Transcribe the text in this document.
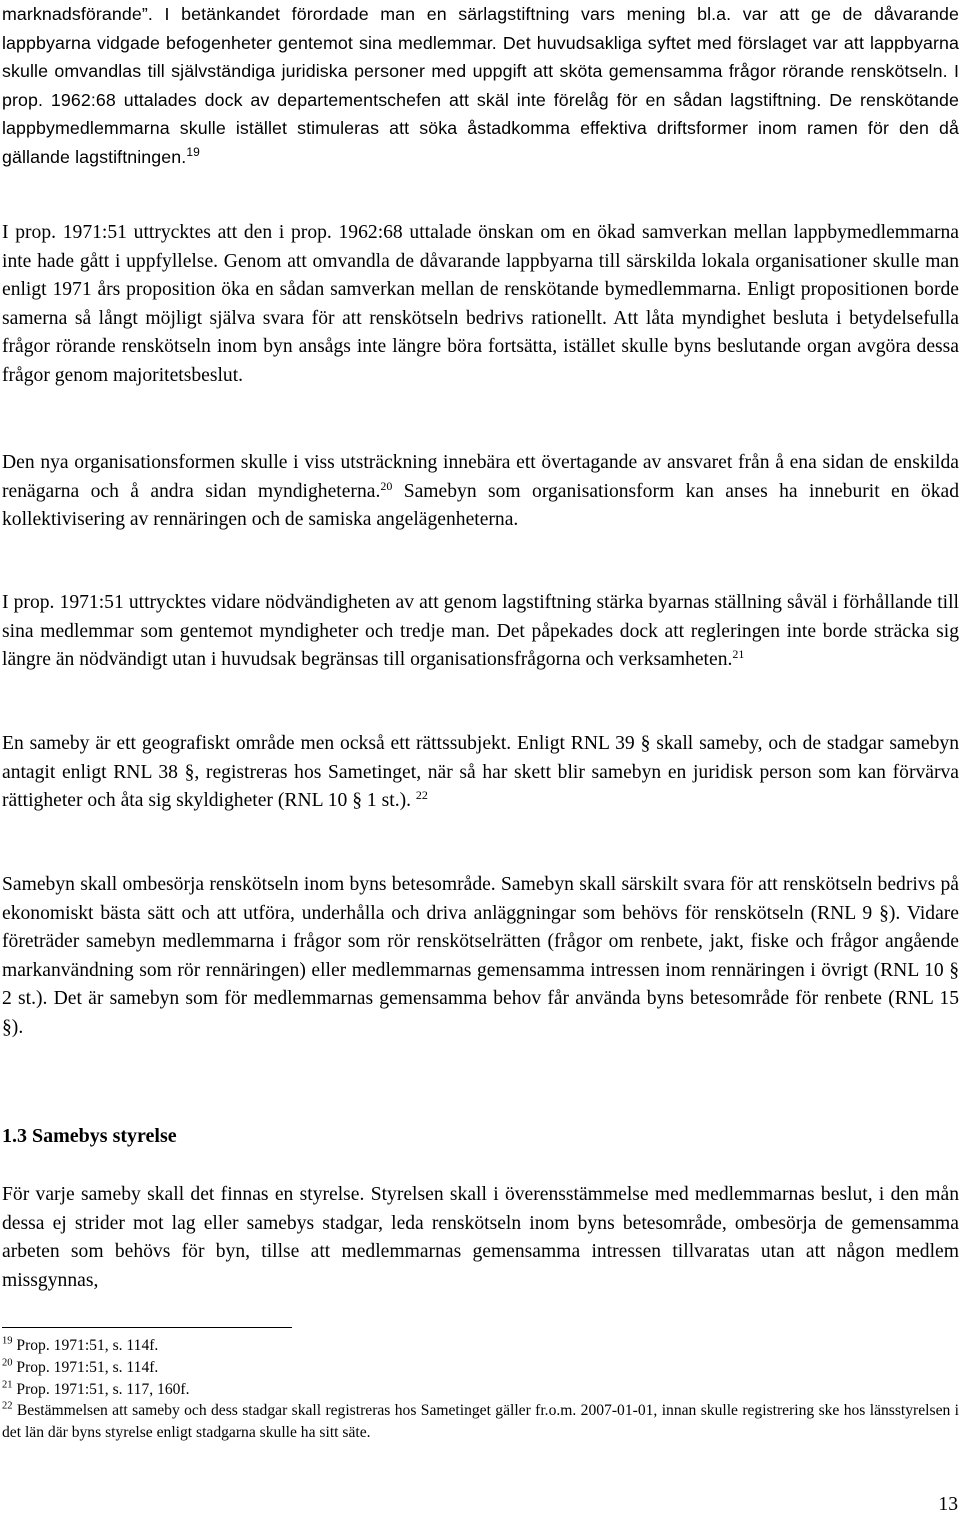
marknadsförande”. I betänkandet förordade man en särlagstiftning vars mening bl.a. var att ge de dåvarande lappbyarna vidgade befogenheter gentemot sina medlemmar. Det huvudsakliga syftet med förslaget var att lappbyarna skulle omvandlas till självständiga juridiska personer med uppgift att sköta gemensamma frågor rörande renskötseln. I prop. 1962:68 uttalades dock av departementschefen att skäl inte förelåg för en sådan lagstiftning. De renskötande lappbymedlemmarna skulle istället stimuleras att söka åstadkomma effektiva driftsformer inom ramen för den då gällande lagstiftningen.$^{19}$

I prop. 1971:51 uttrycktes att den i prop. 1962:68 uttalade önskan om en ökad samverkan mellan lappbymedlemmarna inte hade gått i uppfyllelse. Genom att omvandla de dåvarande lappbyarna till särskilda lokala organisationer skulle man enligt 1971 års proposition öka en sådan samverkan mellan de renskötande bymedlemmarna. Enligt propositionen borde samerna så långt möjligt själva svara för att renskötseln bedrivs rationellt. Att låta myndighet besluta i betydelsefulla frågor rörande renskötseln inom byn ansågs inte längre böra fortsätta, istället skulle byns beslutande organ avgöra dessa frågor genom majoritetsbeslut.

Den nya organisationsformen skulle i viss utsträckning innebära ett övertagande av ansvaret från å ena sidan de enskilda renägarna och å andra sidan myndigheterna.$^{20}$ Samebyn som organisationsform kan anses ha inneburit en ökad kollektivisering av rennäringen och de samiska angelägenheterna.

I prop. 1971:51 uttrycktes vidare nödvändigheten av att genom lagstiftning stärka byarnas ställning såväl i förhållande till sina medlemmar som gentemot myndigheter och tredje man. Det påpekades dock att regleringen inte borde sträcka sig längre än nödvändigt utan i huvudsak begränsas till organisationsfrågorna och verksamheten.$^{21}$

En sameby är ett geografiskt område men också ett rättssubjekt. Enligt RNL 39 § skall sameby, och de stadgar samebyn antagit enligt RNL 38 §, registreras hos Sametinget, när så har skett blir samebyn en juridisk person som kan förvärva rättigheter och åta sig skyldigheter (RNL 10 § 1 st.). $^{22}$

Samebyn skall ombesörja renskötseln inom byns betesområde. Samebyn skall särskilt svara för att renskötseln bedrivs på ekonomiskt bästa sätt och att utföra, underhålla och driva anläggningar som behövs för renskötseln (RNL 9 §). Vidare företräder samebyn medlemmarna i frågor som rör renskötselrätten (frågor om renbete, jakt, fiske och frågor angående markanvändning som rör rennäringen) eller medlemmarnas gemensamma intressen inom rennäringen i övrigt (RNL 10 § 2 st.). Det är samebyn som för medlemmarnas gemensamma behov får använda byns betesområde för renbete (RNL 15 §).

1.3 Samebys styrelse

För varje sameby skall det finnas en styrelse. Styrelsen skall i överensstämmelse med medlemmarnas beslut, i den mån dessa ej strider mot lag eller samebys stadgar, leda renskötseln inom byns betesområde, ombesörja de gemensamma arbeten som behövs för byn, tillse att medlemmarnas gemensamma intressen tillvaratas utan att någon medlem missgynnas,

$^{19}$ Prop. 1971:51, s. 114f.
$^{20}$ Prop. 1971:51, s. 114f.
$^{21}$ Prop. 1971:51, s. 117, 160f.
$^{22}$ Bestämmelsen att sameby och dess stadgar skall registreras hos Sametinget gäller fr.o.m. 2007-01-01, innan skulle registrering ske hos länsstyrelsen i det län där byns styrelse enligt stadgarna skulle ha sitt säte.
13
